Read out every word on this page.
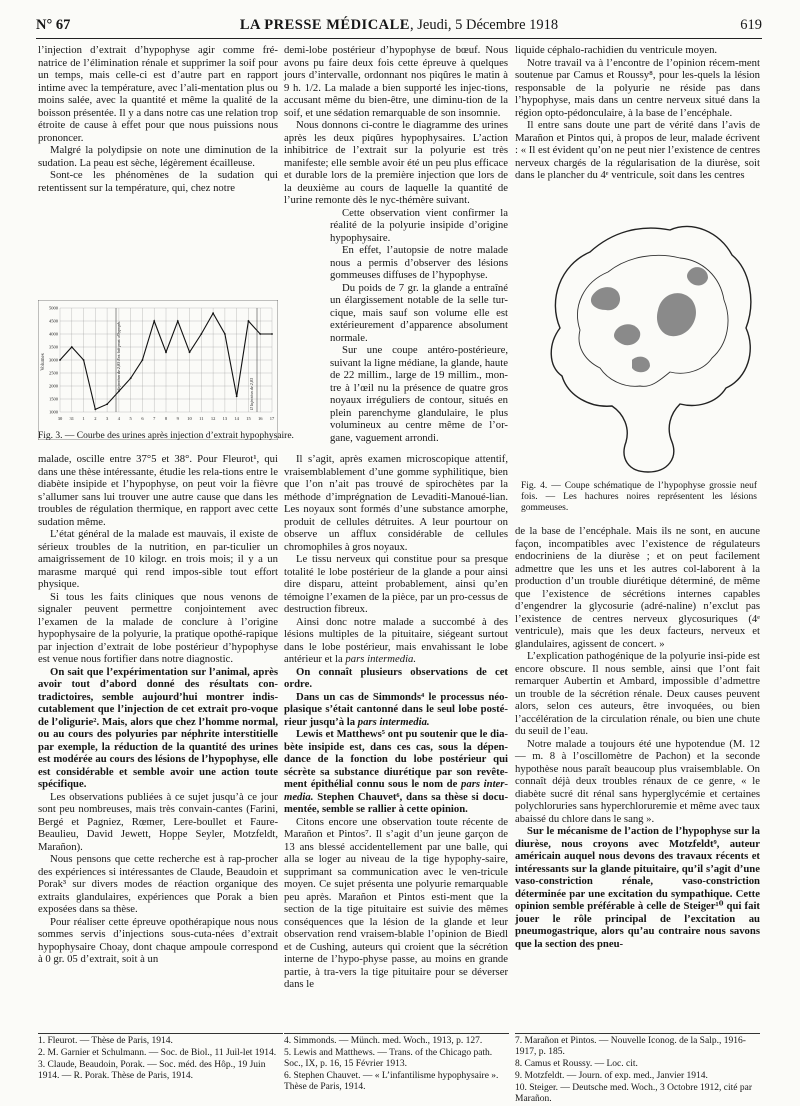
N° 67	LA PRESSE MÉDICALE, Jeudi, 5 Décembre 1918	619

l’injection d’extrait d’hypophyse agir comme fré-natrice de l’élimination rénale et supprimer la soif pour un temps, mais celle-ci est d’autre part en rapport intime avec la température, avec l’ali-mentation plus ou moins salée, avec la quantité et même la qualité de la boisson présentée. Il y a dans notre cas une relation trop étroite de cause à effet pour que nous puissions nous prononcer.

Malgré la polydipsie on note une diminution de la sudation. La peau est sèche, légèrement écailleuse.

Sont-ce les phénomènes de la sudation qui retentissent sur la température, qui, chez notre

Volumes
1000
1500
2000
2500
3000
3500
4000
4500
5000
30 31 1 2 3 4 5 6 7 8 9 10 11 12 13 14 15 16 17
Injection de 2,83 Ext. lob post. d'hypoph.
II Injection de 2,83
Fig. 3. — Courbe des urines après injection d’extrait hypophysaire.

malade, oscille entre 37°5 et 38°. Pour Fleurot¹, qui dans une thèse intéressante, étudie les rela-tions entre le diabète insipide et l’hypophyse, on peut voir la fièvre s’allumer sans lui trouver une autre cause que dans les troubles de régulation thermique, en rapport avec cette sudation même.

L’état général de la malade est mauvais, il existe de sérieux troubles de la nutrition, en par-ticulier un amaigrissement de 10 kilogr. en trois mois; il y a un marasme marqué qui rend impos-sible tout effort physique.

Si tous les faits cliniques que nous venons de signaler peuvent permettre conjointement avec l’examen de la malade de conclure à l’origine hypophysaire de la polyurie, la pratique opothé-rapique par injection d’extrait de lobe postérieur d’hypophyse est venue nous fortifier dans notre diagnostic.

On sait que l’expérimentation sur l’animal, après avoir tout d’abord donné des résultats con-tradictoires, semble aujourd’hui montrer indis-cutablement que l’injection de cet extrait pro-voque de l’oligurie². Mais, alors que chez l’homme normal, ou au cours des polyuries par néphrite interstitielle par exemple, la réduction de la quantité des urines est modérée au cours des lésions de l’hypophyse, elle est considérable et semble avoir une action toute spécifique.

Les observations publiées à ce sujet jusqu’à ce jour sont peu nombreuses, mais très convain-cantes (Farini, Bergé et Pagniez, Rœmer, Lere-boullet et Faure-Beaulieu, David Jewett, Hoppe Seyler, Motzfeldt, Marañon).

Nous pensons que cette recherche est à rap-procher des expériences si intéressantes de Claude, Beaudoin et Porak³ sur divers modes de réaction organique des extraits glandulaires, expériences que Porak a bien exposées dans sa thèse.

Pour réaliser cette épreuve opothérapique nous nous sommes servis d’injections sous-cuta-nées d’extrait hypophysaire Choay, dont chaque ampoule correspond à 0 gr. 05 d’extrait, soit à un

demi-lobe postérieur d’hypophyse de bœuf. Nous avons pu faire deux fois cette épreuve à quelques jours d’intervalle, ordonnant nos piqûres le matin à 9 h. 1/2. La malade a bien supporté les injec-tions, accusant même du bien-être, une diminu-tion de la soif, et une sédation remarquable de son insomnie.

Nous donnons ci-contre le diagramme des urines après les deux piqûres hypophysaires. L’action inhibitrice de l’extrait sur la polyurie est très manifeste; elle semble avoir été un peu plus efficace et durable lors de la première injection que lors de la deuxième au cours de laquelle la quantité de l’urine remonte dès le nyc-thémère suivant.

Cette observation vient confirmer la réalité de la polyurie insipide d’origine hypophysaire.

En effet, l’autopsie de notre malade nous a permis d’observer des lésions gommeuses diffuses de l’hypophyse.

Du poids de 7 gr. la glande a entraîné un élargissement notable de la selle tur-cique, mais sauf son volume elle est extérieurement d’apparence absolument normale.

Sur une coupe antéro-postérieure, suivant la ligne médiane, la glande, haute de 22 millim., large de 19 millim., mon-tre à l’œil nu la présence de quatre gros noyaux irréguliers de contour, situés en plein parenchyme glandulaire, le plus volumineux au centre même de l’or-gane, vaguement arrondi.

Il s’agit, après examen microscopique attentif, vraisemblablement d’une gomme syphilitique, bien que l’on n’ait pas trouvé de spirochètes par la méthode d’imprégnation de Levaditi-Manoué-lian. Les noyaux sont formés d’une substance amorphe, produit de cellules détruites. A leur pourtour on observe un afflux considérable de cellules chromophiles à gros noyaux.

Le tissu nerveux qui constitue pour sa presque totalité le lobe postérieur de la glande a pour ainsi dire disparu, atteint probablement, ainsi qu’en témoigne l’examen de la pièce, par un pro-cessus de destruction fibreux.

Ainsi donc notre malade a succombé à des lésions multiples de la pituitaire, siégeant surtout dans le lobe postérieur, mais envahissant le lobe antérieur et la pars intermedia.

On connaît plusieurs observations de cet ordre.

Dans un cas de Simmonds⁴ le processus néo-plasique s’était cantonné dans le seul lobe posté-rieur jusqu’à la pars intermedia.

Lewis et Matthews⁵ ont pu soutenir que le dia-bète insipide est, dans ces cas, sous la dépen-dance de la fonction du lobe postérieur qui sécrète sa substance diurétique par son revête-ment épithélial connu sous le nom de pars inter-media. Stephen Chauvet⁶, dans sa thèse si docu-mentée, semble se rallier à cette opinion.

Citons encore une observation toute récente de Marañon et Pintos⁷. Il s’agit d’un jeune garçon de 13 ans blessé accidentellement par une balle, qui alla se loger au niveau de la tige hypophy-saire, supprimant sa communication avec le ven-tricule moyen. Ce sujet présenta une polyurie remarquable peu après. Marañon et Pintos esti-ment que la section de la tige pituitaire est suivie des mêmes conséquences que la lésion de la glande et leur observation rend vraisem-blable l’opinion de Biedl et de Cushing, auteurs qui croient que la sécrétion interne de l’hypo-physe passe, au moins en grande partie, à tra-vers la tige pituitaire pour se déverser dans le

liquide céphalo-rachidien du ventricule moyen.

Notre travail va à l’encontre de l’opinion récem-ment soutenue par Camus et Roussy⁸, pour les-quels la lésion responsable de la polyurie ne réside pas dans l’hypophyse, mais dans un centre nerveux situé dans la région opto-pédonculaire, à la base de l’encéphale.

Il entre sans doute une part de vérité dans l’avis de Marañon et Pintos qui, à propos de leur, malade écrivent : « Il est évident qu’on ne peut nier l’existence de centres nerveux chargés de la régularisation de la diurèse, soit dans le plancher du 4ᵉ ventricule, soit dans les centres

Fig. 4. — Coupe schématique de l’hypophyse grossie neuf fois. — Les hachures noires représentent les lésions gommeuses.

de la base de l’encéphale. Mais ils ne sont, en aucune façon, incompatibles avec l’existence de régulateurs endocriniens de la diurèse ; et on peut facilement admettre que les uns et les autres col-laborent à la production d’un trouble diurétique déterminé, de même que l’existence de sécrétions internes capables d’engendrer la glycosurie (adré-naline) n’exclut pas l’existence de centres nerveux glycosuriques (4ᵉ ventricule), mais que les deux facteurs, nerveux et glandulaires, agissent de concert. »

L’explication pathogénique de la polyurie insi-pide est encore obscure. Il nous semble, ainsi que l’ont fait remarquer Aubertin et Ambard, impossible d’admettre un trouble de la sécrétion rénale. Deux causes peuvent alors, selon ces auteurs, être invoquées, ou bien l’accélération de la circulation rénale, ou bien une chute du seuil de l’eau.

Notre malade a toujours été une hypotendue (M. 12 — m. 8 à l’oscillomètre de Pachon) et la seconde hypothèse nous paraît beaucoup plus vraisemblable. On connaît déjà deux troubles rénaux de ce genre, « le diabète sucré dit rénal sans hyperglycémie et certaines polychloruries sans hyperchloruremie et même avec taux abaissé du chlore dans le sang ».

Sur le mécanisme de l’action de l’hypophyse sur la diurèse, nous croyons avec Motzfeldt⁹, auteur américain auquel nous devons des travaux récents et intéressants sur la glande pituitaire, qu’il s’agit d’une vaso-constriction rénale, vaso-constriction déterminée par une excitation du sympathique. Cette opinion semble préférable à celle de Steiger¹⁰ qui fait jouer le rôle principal de l’excitation au pneumogastrique, alors qu’au contraire nous savons que la section des pneu-

1. Fleurot. — Thèse de Paris, 1914.
2. M. Garnier et Schulmann. — Soc. de Biol., 11 Juil-let 1914.
3. Claude, Beaudoin, Porak. — Soc. méd. des Hôp., 19 Juin 1914. — R. Porak. Thèse de Paris, 1914.
4. Simmonds. — Münch. med. Woch., 1913, p. 127.
5. Lewis and Matthews. — Trans. of the Chicago path. Soc., IX, p. 16, 15 Février 1913.
6. Stephen Chauvet. — « L’infantilisme hypophysaire ». Thèse de Paris, 1914.
7. Marañon et Pintos. — Nouvelle Iconog. de la Salp., 1916-1917, p. 185.
8. Camus et Roussy. — Loc. cit.
9. Motzfeldt. — Journ. of exp. med., Janvier 1914.
10. Steiger. — Deutsche med. Woch., 3 Octobre 1912, cité par Marañon.
